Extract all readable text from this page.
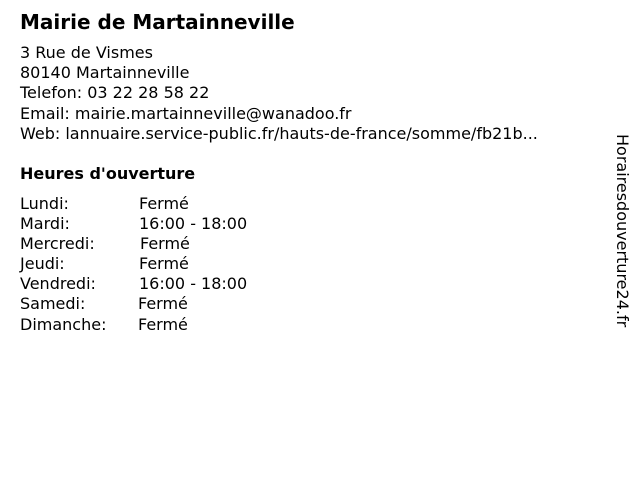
Mairie de Martainneville
3 Rue de Vismes
80140 Martainneville
Telefon: 03 22 28 58 22
Email: mairie.martainneville@wanadoo.fr
Web: lannuaire.service-public.fr/hauts-de-france/somme/fb21b...
Heures d'ouverture
Lundi:	Fermé
Mardi:	16:00 - 18:00
Mercredi:	Fermé
Jeudi:	Fermé
Vendredi:	16:00 - 18:00
Samedi:	Fermé
Dimanche: Fermé	Horairesdouverture24.fr
